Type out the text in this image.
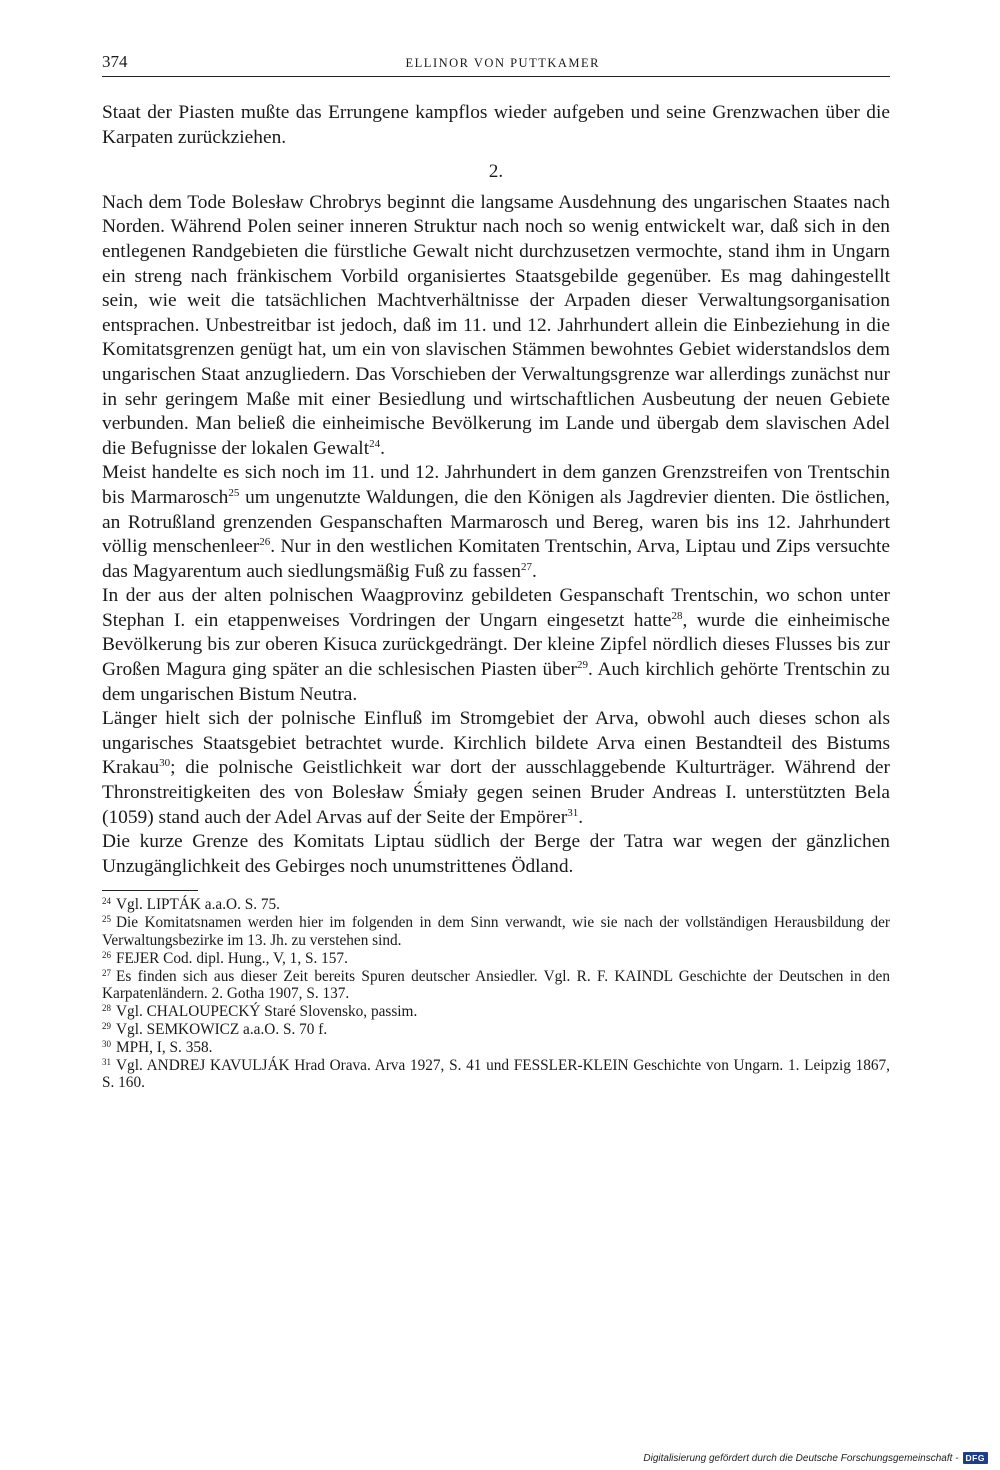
374	ELLINOR VON PUTTKAMER

Staat der Piasten mußte das Errungene kampflos wieder aufgeben und seine Grenzwachen über die Karpaten zurückziehen.

2.

Nach dem Tode Bolesław Chrobrys beginnt die langsame Ausdehnung des ungarischen Staates nach Norden. Während Polen seiner inneren Struktur nach noch so wenig entwickelt war, daß sich in den entlegenen Randgebieten die fürstliche Gewalt nicht durchzusetzen vermochte, stand ihm in Ungarn ein streng nach fränkischem Vorbild organisiertes Staatsgebilde gegenüber. Es mag dahingestellt sein, wie weit die tatsächlichen Machtverhältnisse der Arpaden dieser Verwaltungsorganisation entsprachen. Unbestreitbar ist jedoch, daß im 11. und 12. Jahrhundert allein die Einbeziehung in die Komitatsgrenzen genügt hat, um ein von slavischen Stämmen bewohntes Gebiet widerstandslos dem ungarischen Staat anzugliedern. Das Vorschieben der Verwaltungsgrenze war allerdings zunächst nur in sehr geringem Maße mit einer Besiedlung und wirtschaftlichen Ausbeutung der neuen Gebiete verbunden. Man beließ die einheimische Bevölkerung im Lande und übergab dem slavischen Adel die Befugnisse der lokalen Gewalt$^{24}$.

Meist handelte es sich noch im 11. und 12. Jahrhundert in dem ganzen Grenzstreifen von Trentschin bis Marmarosch$^{25}$ um ungenutzte Waldungen, die den Königen als Jagdrevier dienten. Die östlichen, an Rotrußland grenzenden Gespanschaften Marmarosch und Bereg, waren bis ins 12. Jahrhundert völlig menschenleer$^{26}$. Nur in den westlichen Komitaten Trentschin, Arva, Liptau und Zips versuchte das Magyarentum auch siedlungsmäßig Fuß zu fassen$^{27}$.

In der aus der alten polnischen Waagprovinz gebildeten Gespanschaft Trentschin, wo schon unter Stephan I. ein etappenweises Vordringen der Ungarn eingesetzt hatte$^{28}$, wurde die einheimische Bevölkerung bis zur oberen Kisuca zurückgedrängt. Der kleine Zipfel nördlich dieses Flusses bis zur Großen Magura ging später an die schlesischen Piasten über$^{29}$. Auch kirchlich gehörte Trentschin zu dem ungarischen Bistum Neutra.

Länger hielt sich der polnische Einfluß im Stromgebiet der Arva, obwohl auch dieses schon als ungarisches Staatsgebiet betrachtet wurde. Kirchlich bildete Arva einen Bestandteil des Bistums Krakau$^{30}$; die polnische Geistlichkeit war dort der ausschlaggebende Kulturträger. Während der Thronstreitigkeiten des von Bolesław Śmiały gegen seinen Bruder Andreas I. unterstützten Bela (1059) stand auch der Adel Arvas auf der Seite der Empörer$^{31}$.

Die kurze Grenze des Komitats Liptau südlich der Berge der Tatra war wegen der gänzlichen Unzugänglichkeit des Gebirges noch unumstrittenes Ödland.

$^{24}$ Vgl. LIPTÁK a.a.O. S. 75.

$^{25}$ Die Komitatsnamen werden hier im folgenden in dem Sinn verwandt, wie sie nach der vollständigen Herausbildung der Verwaltungsbezirke im 13. Jh. zu verstehen sind.

$^{26}$ FEJER Cod. dipl. Hung., V, 1, S. 157.

$^{27}$ Es finden sich aus dieser Zeit bereits Spuren deutscher Ansiedler. Vgl. R. F. KAINDL Geschichte der Deutschen in den Karpatenländern. 2. Gotha 1907, S. 137.

$^{28}$ Vgl. CHALOUPECKÝ Staré Slovensko, passim.

$^{29}$ Vgl. SEMKOWICZ a.a.O. S. 70 f.

$^{30}$ MPH, I, S. 358.

$^{31}$ Vgl. ANDREJ KAVULJÁK Hrad Orava. Arva 1927, S. 41 und FESSLER-KLEIN Geschichte von Ungarn. 1. Leipzig 1867, S. 160.

Digitalisierung gefördert durch die Deutsche Forschungsgemeinschaft - DFG
